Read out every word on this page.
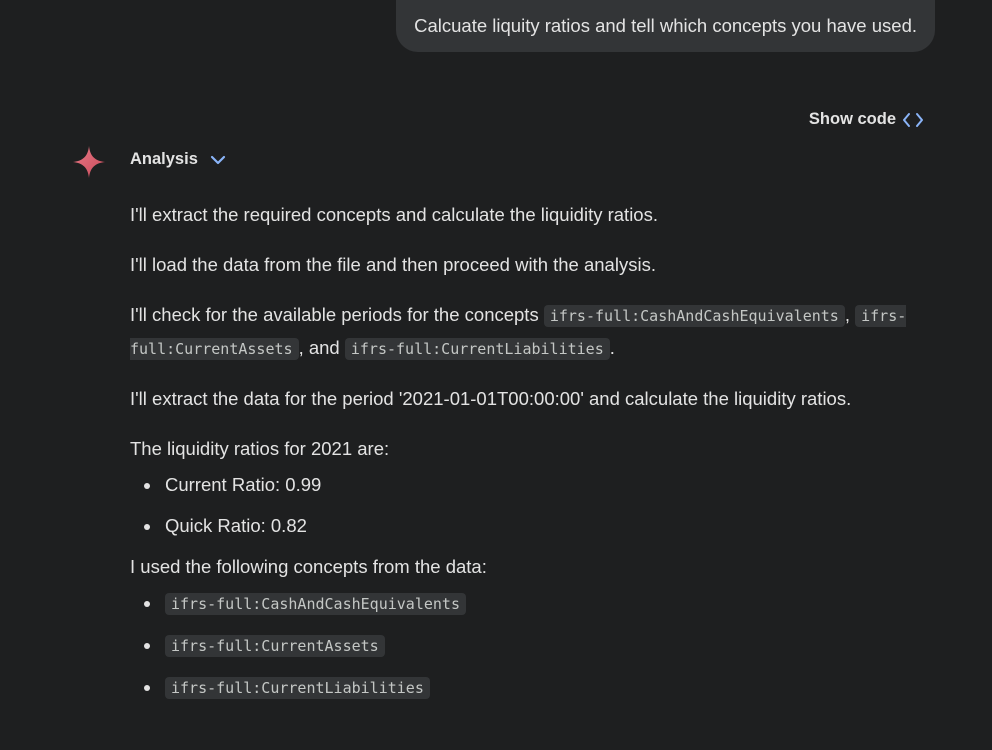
Calcuate liquity ratios and tell which concepts you have used.
Show code
Analysis

I'll extract the required concepts and calculate the liquidity ratios.

I'll load the data from the file and then proceed with the analysis.

I'll check for the available periods for the concepts ifrs-full:CashAndCashEquivalents , ifrs-full:CurrentAssets , and ifrs-full:CurrentLiabilities .

I'll extract the data for the period '2021-01-01T00:00:00' and calculate the liquidity ratios.

The liquidity ratios for 2021 are:

Current Ratio: 0.99
Quick Ratio: 0.82

I used the following concepts from the data:

ifrs-full:CashAndCashEquivalents
ifrs-full:CurrentAssets
ifrs-full:CurrentLiabilities
